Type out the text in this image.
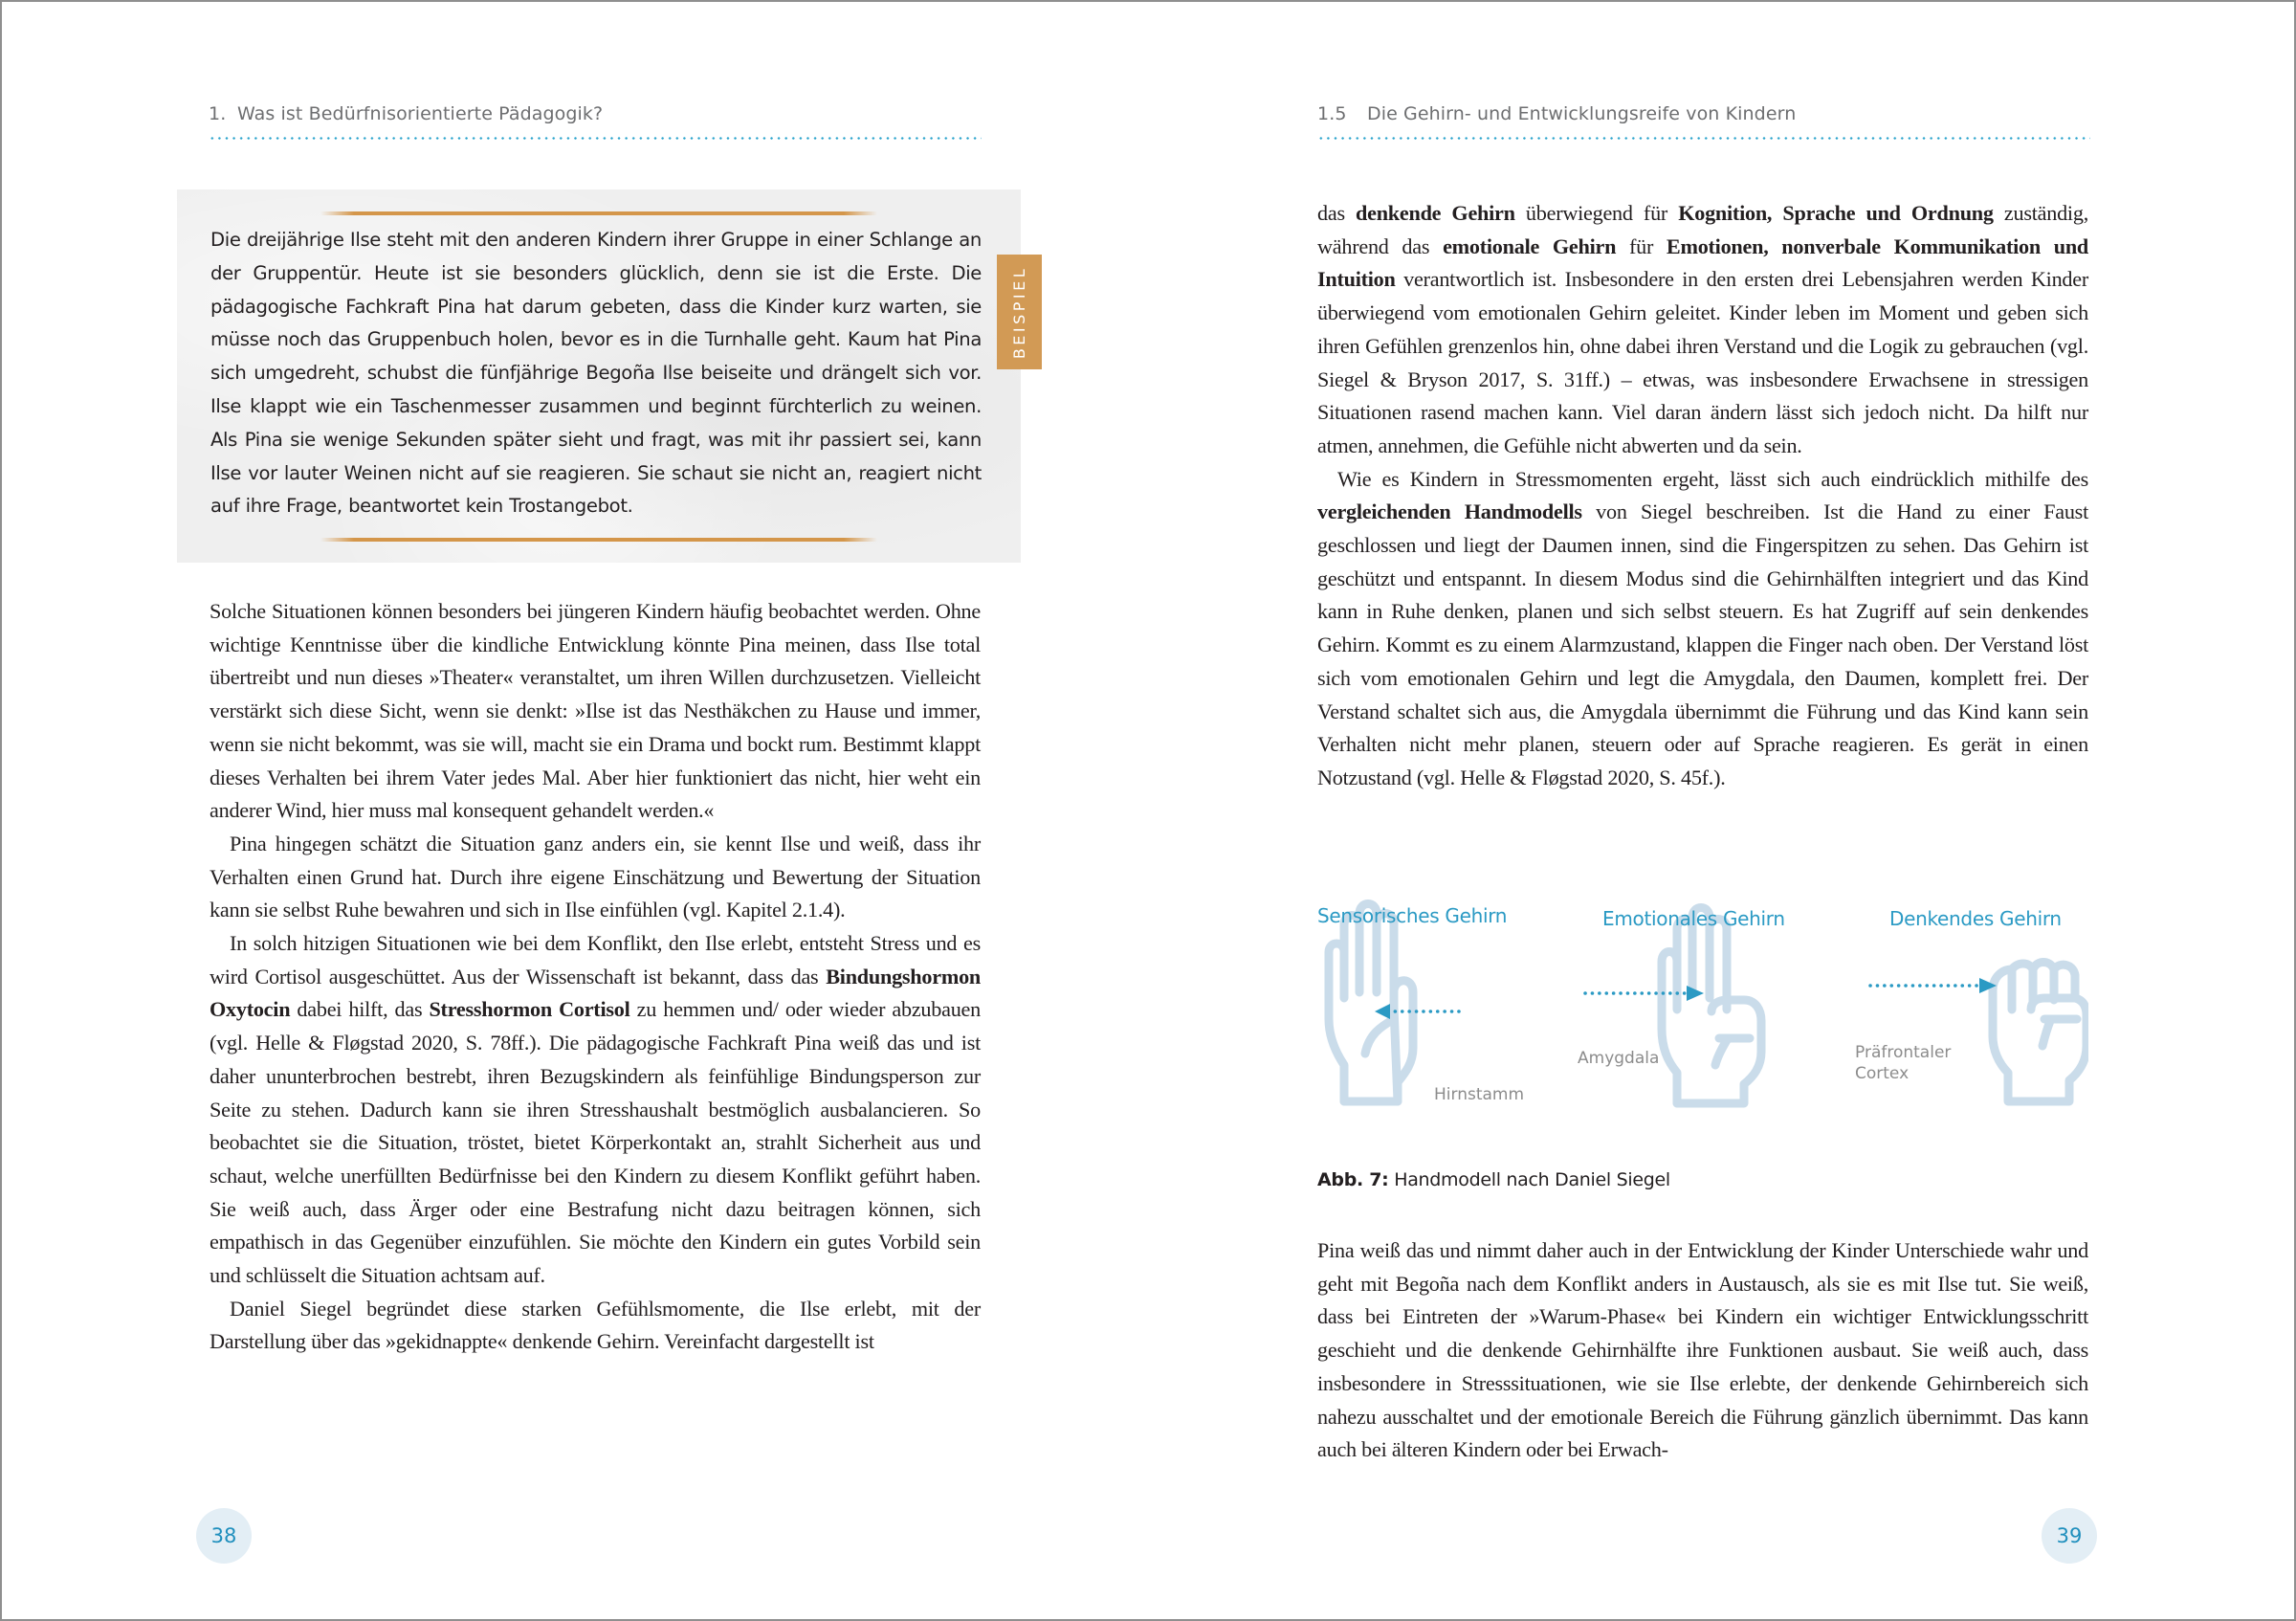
1. Was ist Bedürfnisorientierte Pädagogik?
Die dreijährige Ilse steht mit den anderen Kindern ihrer Gruppe in einer Schlange an der Gruppentür. Heute ist sie besonders glücklich, denn sie ist die Erste. Die pädagogische Fachkraft Pina hat darum gebeten, dass die Kinder kurz warten, sie müsse noch das Gruppenbuch holen, bevor es in die Turnhalle geht. Kaum hat Pina sich umgedreht, schubst die fünfjährige Begoña Ilse beiseite und drängelt sich vor. Ilse klappt wie ein Taschenmesser zusammen und beginnt fürchterlich zu weinen. Als Pina sie wenige Sekunden später sieht und fragt, was mit ihr passiert sei, kann Ilse vor lauter Weinen nicht auf sie reagieren. Sie schaut sie nicht an, reagiert nicht auf ihre Frage, beantwortet kein Trostangebot.
BEISPIEL

Solche Situationen können besonders bei jüngeren Kindern häufig beobachtet werden. Ohne wichtige Kenntnisse über die kindliche Entwicklung könnte Pina meinen, dass Ilse total übertreibt und nun dieses »Theater« veranstaltet, um ihren Willen durchzusetzen. Vielleicht verstärkt sich diese Sicht, wenn sie denkt: »Ilse ist das Nesthäkchen zu Hause und immer, wenn sie nicht bekommt, was sie will, macht sie ein Drama und bockt rum. Bestimmt klappt dieses Verhalten bei ihrem Vater jedes Mal. Aber hier funktioniert das nicht, hier weht ein anderer Wind, hier muss mal konsequent gehandelt werden.«

Pina hingegen schätzt die Situation ganz anders ein, sie kennt Ilse und weiß, dass ihr Verhalten einen Grund hat. Durch ihre eigene Einschätzung und Bewertung der Situation kann sie selbst Ruhe bewahren und sich in Ilse einfühlen (vgl. Kapitel 2.1.4).

In solch hitzigen Situationen wie bei dem Konflikt, den Ilse erlebt, entsteht Stress und es wird Cortisol ausgeschüttet. Aus der Wissenschaft ist bekannt, dass das Bindungshormon Oxytocin dabei hilft, das Stresshormon Cortisol zu hemmen und/ oder wieder abzubauen (vgl. Helle & Fløgstad 2020, S. 78ff.). Die pädagogische Fachkraft Pina weiß das und ist daher ununterbrochen bestrebt, ihren Bezugskindern als feinfühlige Bindungsperson zur Seite zu stehen. Dadurch kann sie ihren Stresshaushalt bestmöglich ausbalancieren. So beobachtet sie die Situation, tröstet, bietet Körperkontakt an, strahlt Sicherheit aus und schaut, welche unerfüllten Bedürfnisse bei den Kindern zu diesem Konflikt geführt haben. Sie weiß auch, dass Ärger oder eine Bestrafung nicht dazu beitragen können, sich empathisch in das Gegenüber einzufühlen. Sie möchte den Kindern ein gutes Vorbild sein und schlüsselt die Situation achtsam auf.

Daniel Siegel begründet diese starken Gefühlsmomente, die Ilse erlebt, mit der Darstellung über das »gekidnappte« denkende Gehirn. Vereinfacht dargestellt ist

38
1.5 Die Gehirn- und Entwicklungsreife von Kindern

das denkende Gehirn überwiegend für Kognition, Sprache und Ordnung zuständig, während das emotionale Gehirn für Emotionen, nonverbale Kommunikation und Intuition verantwortlich ist. Insbesondere in den ersten drei Lebensjahren werden Kinder überwiegend vom emotionalen Gehirn geleitet. Kinder leben im Moment und geben sich ihren Gefühlen grenzenlos hin, ohne dabei ihren Verstand und die Logik zu gebrauchen (vgl. Siegel & Bryson 2017, S. 31ff.) – etwas, was insbesondere Erwachsene in stressigen Situationen rasend machen kann. Viel daran ändern lässt sich jedoch nicht. Da hilft nur atmen, annehmen, die Gefühle nicht abwerten und da sein.

Wie es Kindern in Stressmomenten ergeht, lässt sich auch eindrücklich mithilfe des vergleichenden Handmodells von Siegel beschreiben. Ist die Hand zu einer Faust geschlossen und liegt der Daumen innen, sind die Fingerspitzen zu sehen. Das Gehirn ist geschützt und entspannt. In diesem Modus sind die Gehirnhälften integriert und das Kind kann in Ruhe denken, planen und sich selbst steuern. Es hat Zugriff auf sein denkendes Gehirn. Kommt es zu einem Alarmzustand, klappen die Finger nach oben. Der Verstand löst sich vom emotionalen Gehirn und legt die Amygdala, den Daumen, komplett frei. Der Verstand schaltet sich aus, die Amygdala übernimmt die Führung und das Kind kann sein Verhalten nicht mehr planen, steuern oder auf Sprache reagieren. Es gerät in einen Notzustand (vgl. Helle & Fløgstad 2020, S. 45f.).

Sensorisches Gehirn	Emotionales Gehirn	Denkendes Gehirn
Hirnstamm
Amygdala	Präfrontaler
Cortex
Abb. 7: Handmodell nach Daniel Siegel

Pina weiß das und nimmt daher auch in der Entwicklung der Kinder Unterschiede wahr und geht mit Begoña nach dem Konflikt anders in Austausch, als sie es mit Ilse tut. Sie weiß, dass bei Eintreten der »Warum-Phase« bei Kindern ein wichtiger Entwicklungsschritt geschieht und die denkende Gehirnhälfte ihre Funktionen ausbaut. Sie weiß auch, dass insbesondere in Stresssituationen, wie sie Ilse erlebte, der denkende Gehirnbereich sich nahezu ausschaltet und der emotionale Bereich die Führung gänzlich übernimmt. Das kann auch bei älteren Kindern oder bei Erwach-

39
